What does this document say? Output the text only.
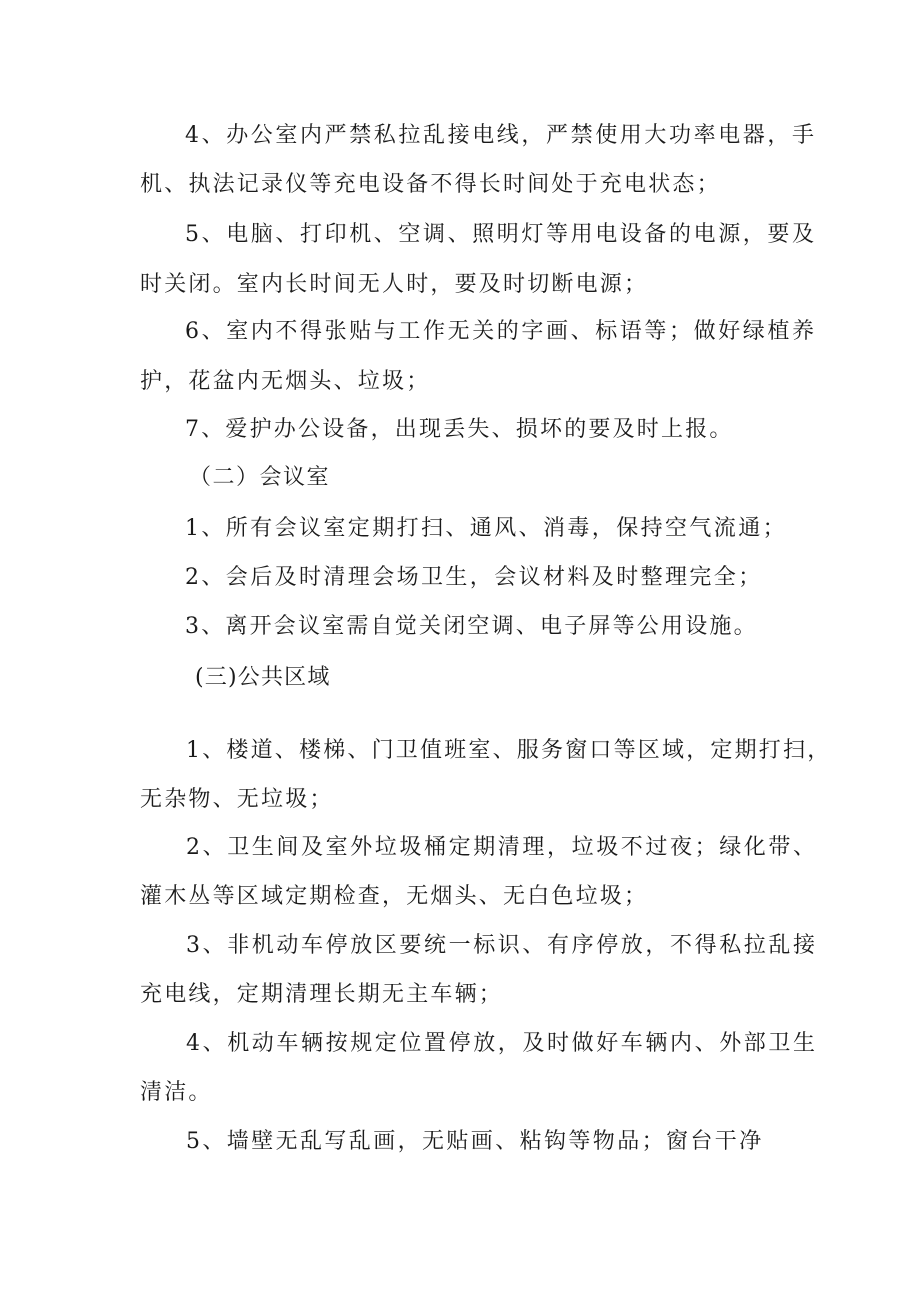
4、办公室内严禁私拉乱接电线，严禁使用大功率电器，手
机、执法记录仪等充电设备不得长时间处于充电状态；
5、电脑、打印机、空调、照明灯等用电设备的电源，要及
时关闭。室内长时间无人时，要及时切断电源；
6、室内不得张贴与工作无关的字画、标语等；做好绿植养
护，花盆内无烟头、垃圾；
7、爱护办公设备，出现丢失、损坏的要及时上报。
（二）会议室
1、所有会议室定期打扫、通风、消毒，保持空气流通；
2、会后及时清理会场卫生，会议材料及时整理完全；
3、离开会议室需自觉关闭空调、电子屏等公用设施。
(三)公共区域
1、楼道、楼梯、门卫值班室、服务窗口等区域，定期打扫，
无杂物、无垃圾；
2、卫生间及室外垃圾桶定期清理，垃圾不过夜；绿化带、
灌木丛等区域定期检查，无烟头、无白色垃圾；
3、非机动车停放区要统一标识、有序停放，不得私拉乱接
充电线，定期清理长期无主车辆；
4、机动车辆按规定位置停放，及时做好车辆内、外部卫生
清洁。
5、墙壁无乱写乱画，无贴画、粘钩等物品；窗台干净
